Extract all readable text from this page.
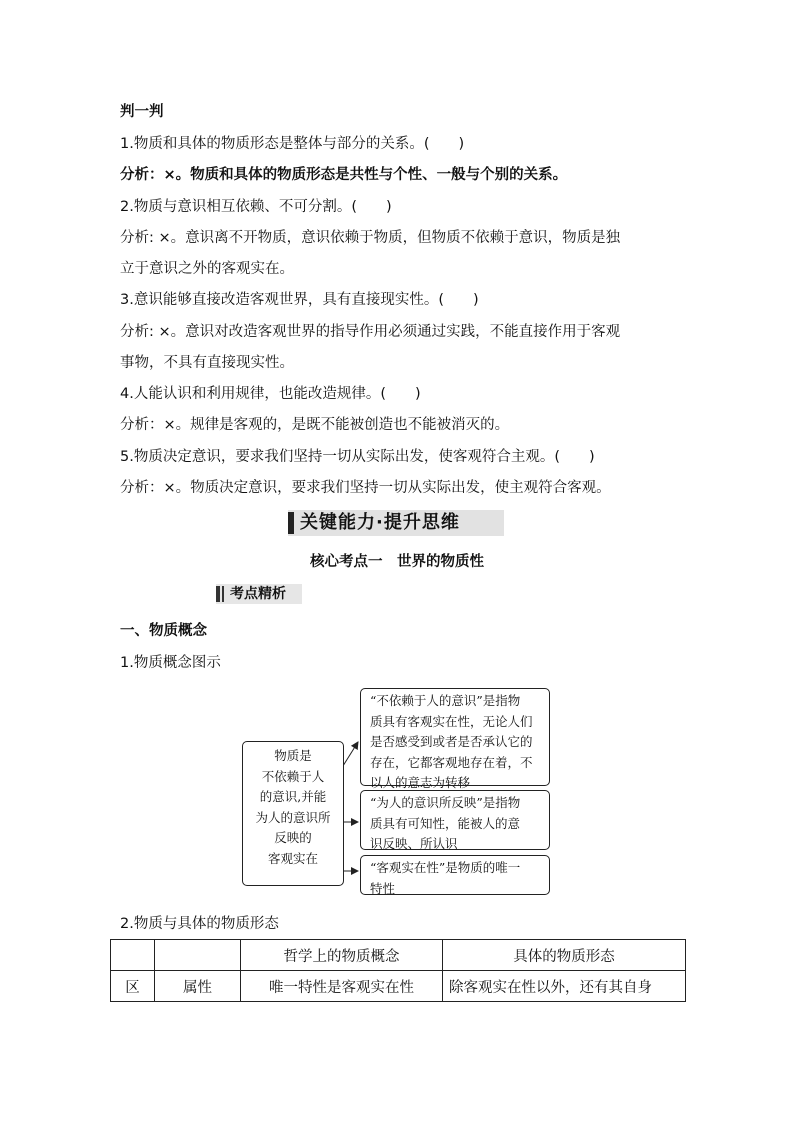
判一判
1.物质和具体的物质形态是整体与部分的关系。(　　)
分析：×。物质和具体的物质形态是共性与个性、一般与个别的关系。
2.物质与意识相互依赖、不可分割。(　　)
分析: ×。意识离不开物质，意识依赖于物质，但物质不依赖于意识，物质是独
立于意识之外的客观实在。
3.意识能够直接改造客观世界，具有直接现实性。(　　)
分析: ×。意识对改造客观世界的指导作用必须通过实践，不能直接作用于客观
事物，不具有直接现实性。
4.人能认识和利用规律，也能改造规律。(　　)
分析：×。规律是客观的，是既不能被创造也不能被消灭的。
5.物质决定意识，要求我们坚持一切从实际出发，使客观符合主观。(　　)
分析：×。物质决定意识，要求我们坚持一切从实际出发，使主观符合客观。
关键能力·提升思维
核心考点一　世界的物质性
考点精析
一、物质概念
1.物质概念图示
物质是
不依赖于人
的意识,并能
为人的意识所
反映的
客观实在
“不依赖于人的意识”是指物
质具有客观实在性，无论人们
是否感受到或者是否承认它的
存在，它都客观地存在着，不
以人的意志为转移
“为人的意识所反映”是指物
质具有可知性，能被人的意
识反映、所认识
“客观实在性”是物质的唯一
特性
2.物质与具体的物质形态
		哲学上的物质概念	具体的物质形态
区	属性	唯一特性是客观实在性	除客观实在性以外，还有其自身
